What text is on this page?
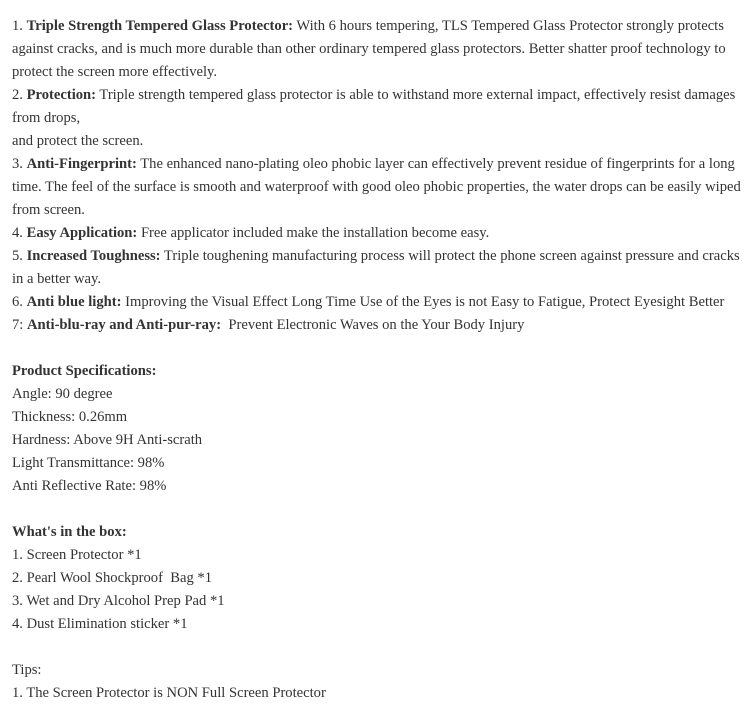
1. Triple Strength Tempered Glass Protector: With 6 hours tempering, TLS Tempered Glass Protector strongly protects against cracks, and is much more durable than other ordinary tempered glass protectors. Better shatter proof technology to protect the screen more effectively.
2. Protection: Triple strength tempered glass protector is able to withstand more external impact, effectively resist damages from drops,
and protect the screen.
3. Anti-Fingerprint: The enhanced nano-plating oleo phobic layer can effectively prevent residue of fingerprints for a long time. The feel of the surface is smooth and waterproof with good oleo phobic properties, the water drops can be easily wiped from screen.
4. Easy Application: Free applicator included make the installation become easy.
5. Increased Toughness: Triple toughening manufacturing process will protect the phone screen against pressure and cracks in a better way.
6. Anti blue light: Improving the Visual Effect Long Time Use of the Eyes is not Easy to Fatigue, Protect Eyesight Better
7: Anti-blu-ray and Anti-pur-ray:  Prevent Electronic Waves on the Your Body Injury
Product Specifications:
Angle: 90 degree
Thickness: 0.26mm
Hardness: Above 9H Anti-scrath
Light Transmittance: 98%
Anti Reflective Rate: 98%
What's in the box:
1. Screen Protector *1
2. Pearl Wool Shockproof  Bag *1
3. Wet and Dry Alcohol Prep Pad *1
4. Dust Elimination sticker *1
Tips:
1. The Screen Protector is NON Full Screen Protector
